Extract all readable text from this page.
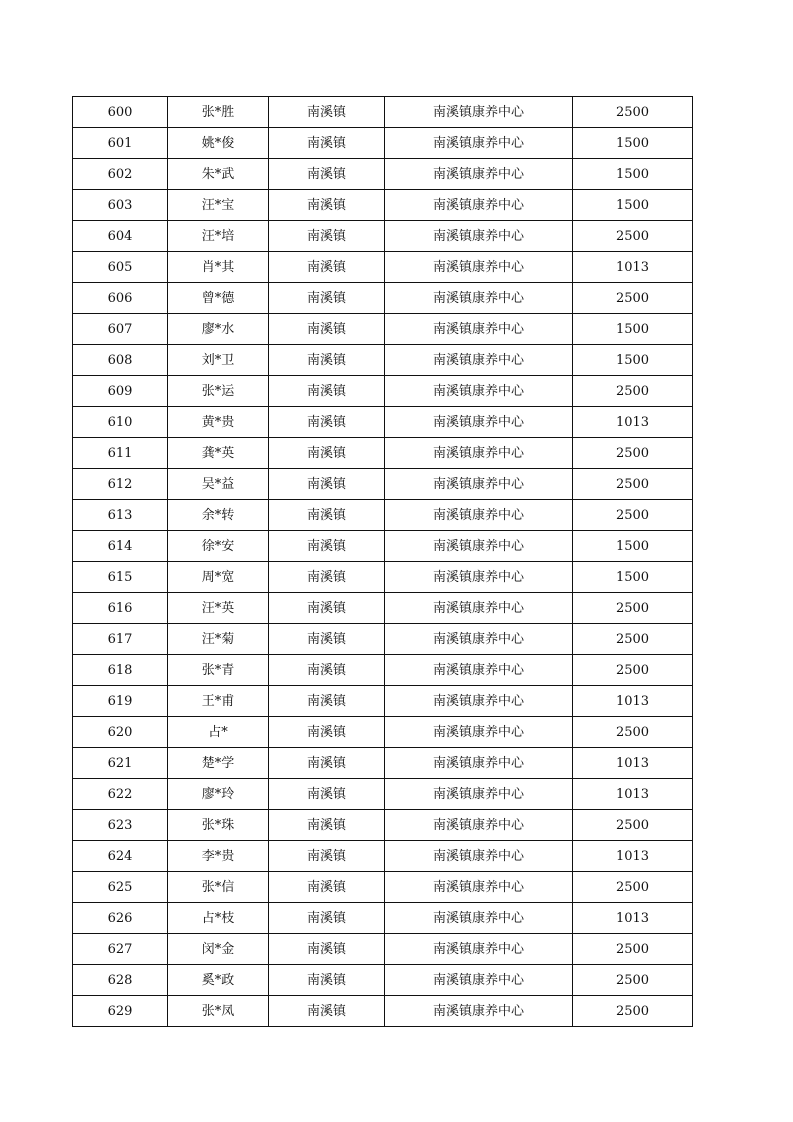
600	张*胜	南溪镇	南溪镇康养中心	2500
601	姚*俊	南溪镇	南溪镇康养中心	1500
602	朱*武	南溪镇	南溪镇康养中心	1500
603	汪*宝	南溪镇	南溪镇康养中心	1500
604	汪*培	南溪镇	南溪镇康养中心	2500
605	肖*其	南溪镇	南溪镇康养中心	1013
606	曾*德	南溪镇	南溪镇康养中心	2500
607	廖*水	南溪镇	南溪镇康养中心	1500
608	刘*卫	南溪镇	南溪镇康养中心	1500
609	张*运	南溪镇	南溪镇康养中心	2500
610	黄*贵	南溪镇	南溪镇康养中心	1013
611	龚*英	南溪镇	南溪镇康养中心	2500
612	吴*益	南溪镇	南溪镇康养中心	2500
613	余*转	南溪镇	南溪镇康养中心	2500
614	徐*安	南溪镇	南溪镇康养中心	1500
615	周*宽	南溪镇	南溪镇康养中心	1500
616	汪*英	南溪镇	南溪镇康养中心	2500
617	汪*菊	南溪镇	南溪镇康养中心	2500
618	张*青	南溪镇	南溪镇康养中心	2500
619	王*甫	南溪镇	南溪镇康养中心	1013
620	占*	南溪镇	南溪镇康养中心	2500
621	楚*学	南溪镇	南溪镇康养中心	1013
622	廖*玲	南溪镇	南溪镇康养中心	1013
623	张*珠	南溪镇	南溪镇康养中心	2500
624	李*贵	南溪镇	南溪镇康养中心	1013
625	张*信	南溪镇	南溪镇康养中心	2500
626	占*枝	南溪镇	南溪镇康养中心	1013
627	闵*金	南溪镇	南溪镇康养中心	2500
628	奚*政	南溪镇	南溪镇康养中心	2500
629	张*凤	南溪镇	南溪镇康养中心	2500
